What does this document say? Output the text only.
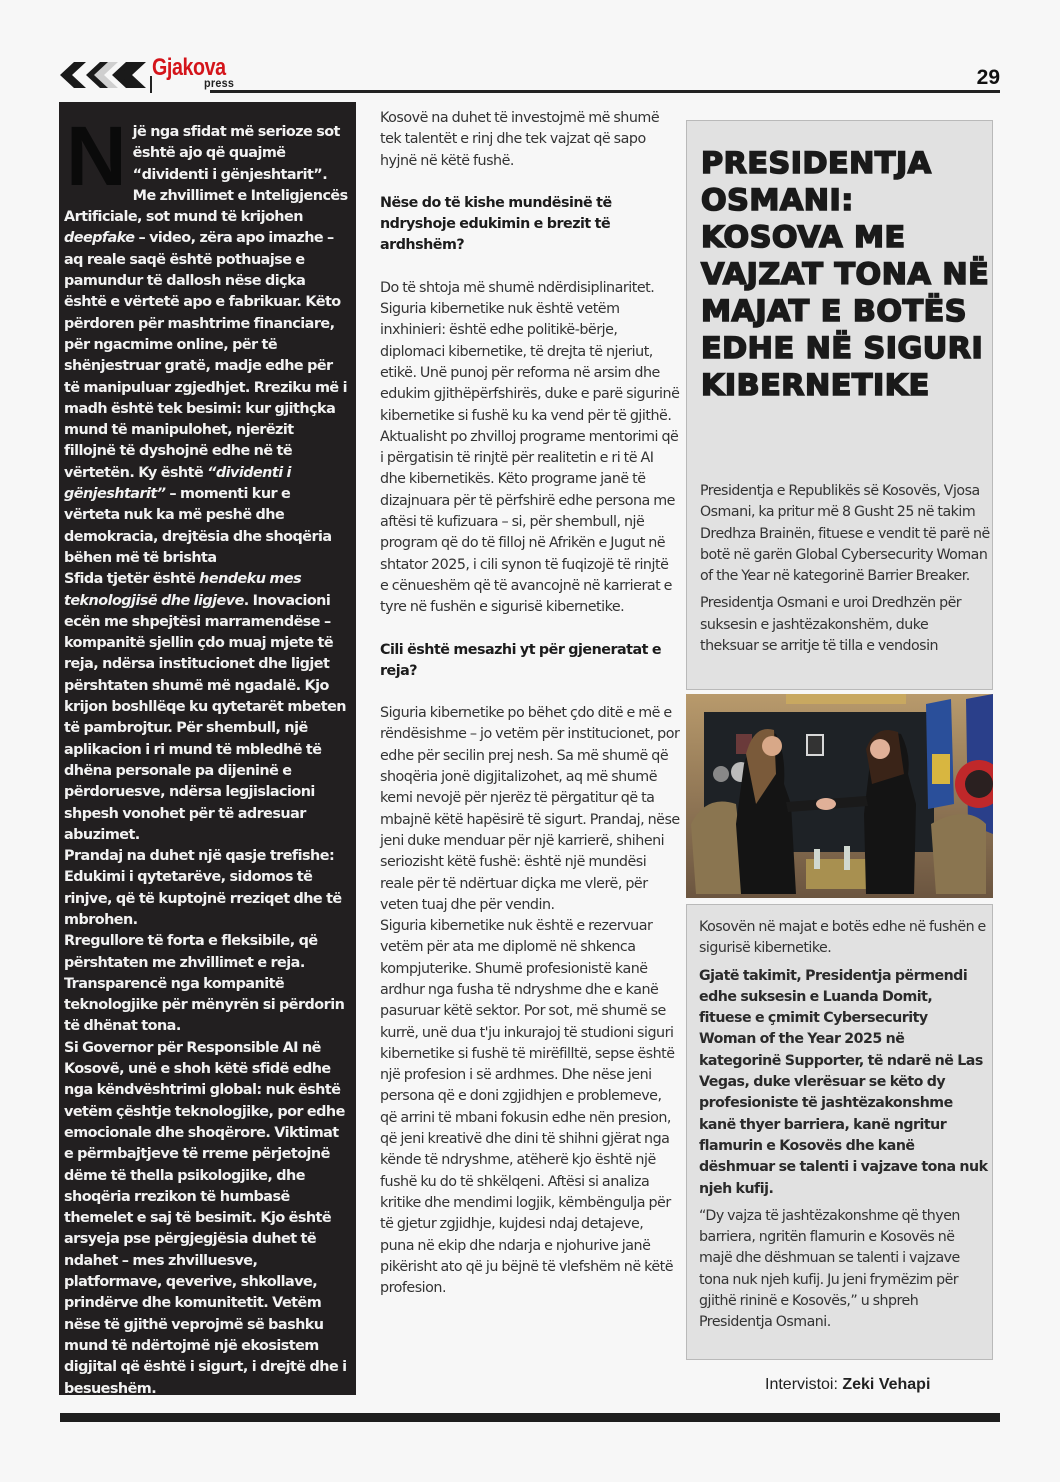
Gjakova
press	29
N jë nga sfidat më serioze sot është ajo që quajmë “dividenti i gënjeshtarit”. Me zhvillimet e Inteligjencës Artificiale, sot mund të krijohen deepfake – video, zëra apo imazhe – aq reale saqë është pothuajse e pamundur të dallosh nëse diçka është e vërtetë apo e fabrikuar. Këto përdoren për mashtrime financiare, për ngacmime online, për të shënjestruar gratë, madje edhe për të manipuluar zgjedhjet. Rreziku më i madh është tek besimi: kur gjithçka mund të manipulohet, njerëzit fillojnë të dyshojnë edhe në të vërtetën. Ky është “dividenti i gënjeshtarit” – momenti kur e vërteta nuk ka më peshë dhe demokracia, drejtësia dhe shoqëria bëhen më të brishta

Sfida tjetër është hendeku mes teknologjisë dhe ligjeve. Inovacioni ecën me shpejtësi marramendëse – kompanitë sjellin çdo muaj mjete të reja, ndërsa institucionet dhe ligjet përshtaten shumë më ngadalë. Kjo krijon boshllëqe ku qytetarët mbeten të pambrojtur. Për shembull, një aplikacion i ri mund të mbledhë të dhëna personale pa dijeninë e përdoruesve, ndërsa legjislacioni shpesh vonohet për të adresuar abuzimet.

Prandaj na duhet një qasje trefishe:

Edukimi i qytetarëve, sidomos të rinjve, që të kuptojnë rreziqet dhe të mbrohen.

Rregullore të forta e fleksibile, që përshtaten me zhvillimet e reja.

Transparencë nga kompanitë teknologjike për mënyrën si përdorin të dhënat tona.

Si Governor për Responsible AI në Kosovë, unë e shoh këtë sfidë edhe nga këndvështrimi global: nuk është vetëm çështje teknologjike, por edhe emocionale dhe shoqërore. Viktimat e përmbajtjeve të rreme përjetojnë dëme të thella psikologjike, dhe shoqëria rrezikon të humbasë themelet e saj të besimit. Kjo është arsyeja pse përgjegjësia duhet të ndahet – mes zhvilluesve, platformave, qeverive, shkollave, prindërve dhe komunitetit. Vetëm nëse të gjithë veprojmë së bashku mund të ndërtojmë një ekosistem digjital që është i sigurt, i drejtë dhe i besueshëm.

Kosovë na duhet të investojmë më shumë tek talentët e rinj dhe tek vajzat që sapo hyjnë në këtë fushë.

Nëse do të kishe mundësinë të ndryshoje edukimin e brezit të ardhshëm?

Do të shtoja më shumë ndërdisiplinaritet. Siguria kibernetike nuk është vetëm inxhinieri: është edhe politikë-bërje, diplomaci kibernetike, të drejta të njeriut, etikë. Unë punoj për reforma në arsim dhe edukim gjithëpërfshirës, duke e parë sigurinë kibernetike si fushë ku ka vend për të gjithë. Aktualisht po zhvilloj programe mentorimi që i përgatisin të rinjtë për realitetin e ri të AI dhe kibernetikës. Këto programe janë të dizajnuara për të përfshirë edhe persona me aftësi të kufizuara – si, për shembull, një program që do të filloj në Afrikën e Jugut në shtator 2025, i cili synon të fuqizojë të rinjtë e cënueshëm që të avancojnë në karrierat e tyre në fushën e sigurisë kibernetike.

Cili është mesazhi yt për gjeneratat e reja?

Siguria kibernetike po bëhet çdo ditë e më e rëndësishme – jo vetëm për institucionet, por edhe për secilin prej nesh. Sa më shumë që shoqëria jonë digjitalizohet, aq më shumë kemi nevojë për njerëz të përgatitur që ta mbajnë këtë hapësirë të sigurt. Prandaj, nëse jeni duke menduar për një karrierë, shiheni seriozisht këtë fushë: është një mundësi reale për të ndërtuar diçka me vlerë, për veten tuaj dhe për vendin.

Siguria kibernetike nuk është e rezervuar vetëm për ata me diplomë në shkenca kompjuterike. Shumë profesionistë kanë ardhur nga fusha të ndryshme dhe e kanë pasuruar këtë sektor. Por sot, më shumë se kurrë, unë dua t'ju inkurajoj të studioni siguri kibernetike si fushë të mirëfilltë, sepse është një profesion i së ardhmes. Dhe nëse jeni persona që e doni zgjidhjen e problemeve, që arrini të mbani fokusin edhe nën presion, që jeni kreativë dhe dini të shihni gjërat nga kënde të ndryshme, atëherë kjo është një fushë ku do të shkëlqeni. Aftësi si analiza kritike dhe mendimi logjik, këmbëngulja për të gjetur zgjidhje, kujdesi ndaj detajeve, puna në ekip dhe ndarja e njohurive janë pikërisht ato që ju bëjnë të vlefshëm në këtë profesion.

PRESIDENTJA OSMANI: KOSOVA ME VAJZAT TONA NË MAJAT E BOTËS EDHE NË SIGURI KIBERNETIKE

Presidentja e Republikës së Kosovës, Vjosa Osmani, ka pritur më 8 Gusht 25 në takim Dredhza Brainën, fituese e vendit të parë në botë në garën Global Cybersecurity Woman of the Year në kategorinë Barrier Breaker.

Presidentja Osmani e uroi Dredhzën për suksesin e jashtëzakonshëm, duke theksuar se arritje të tilla e vendosin

Kosovën në majat e botës edhe në fushën e sigurisë kibernetike.

Gjatë takimit, Presidentja përmendi edhe suksesin e Luanda Domit, fituese e çmimit Cybersecurity Woman of the Year 2025 në kategorinë Supporter, të ndarë në Las Vegas, duke vlerësuar se këto dy profesioniste të jashtëzakonshme kanë thyer barriera, kanë ngritur flamurin e Kosovës dhe kanë dëshmuar se talenti i vajzave tona nuk njeh kufij.

“Dy vajza të jashtëzakonshme që thyen barriera, ngritën flamurin e Kosovës në majë dhe dëshmuan se talenti i vajzave tona nuk njeh kufij. Ju jeni frymëzim për gjithë rininë e Kosovës,” u shpreh Presidentja Osmani.

Intervistoi: Zeki Vehapi
